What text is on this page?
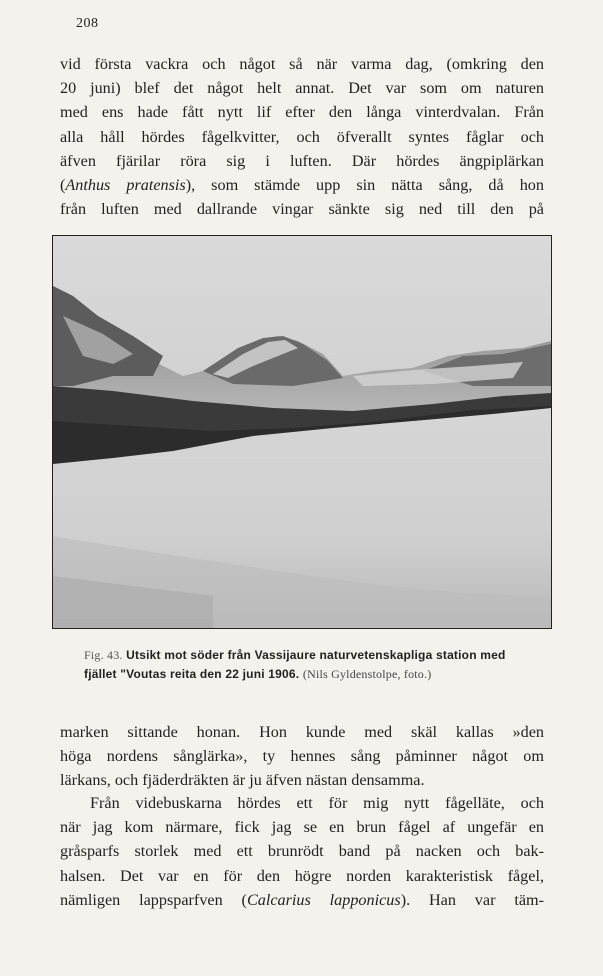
208
vid första vackra och något så när varma dag, (omkring den
20 juni) blef det något helt annat. Det var som om naturen
med ens hade fått nytt lif efter den långa vinterdvalan. Från
alla håll hördes fågelkvitter, och öfverallt syntes fåglar och
äfven fjärilar röra sig i luften. Där hördes ängpiplärkan
(Anthus pratensis), som stämde upp sin nätta sång, då hon
från luften med dallrande vingar sänkte sig ned till den på
Fig. 43. Utsikt mot söder från Vassijaure naturvetenskapliga station med
fjället "Voutas reita den 22 juni 1906. (Nils Gyldenstolpe, foto.)
marken sittande honan. Hon kunde med skäl kallas »den
höga nordens sånglärka», ty hennes sång påminner något om
lärkans, och fjäderdräkten är ju äfven nästan densamma.
Från videbuskarna hördes ett för mig nytt fågelläte, och
när jag kom närmare, fick jag se en brun fågel af ungefär en
gråsparfs storlek med ett brunrödt band på nacken och bak-
halsen. Det var en för den högre norden karakteristisk fågel,
nämligen lappsparfven (Calcarius lapponicus). Han var täm-
